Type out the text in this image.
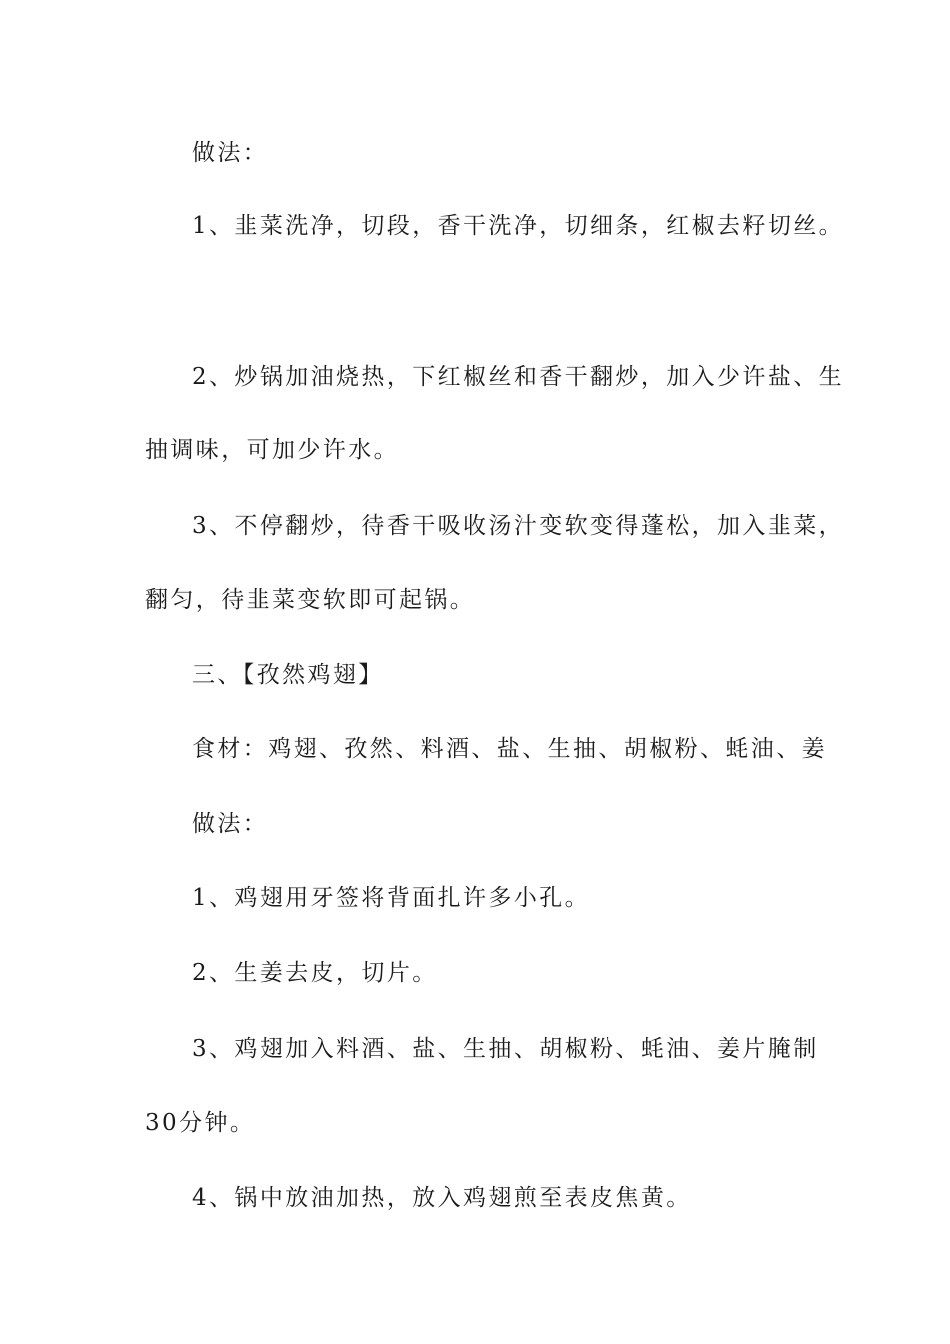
做法：
1、韭菜洗净，切段，香干洗净，切细条，红椒去籽切丝。
2、炒锅加油烧热，下红椒丝和香干翻炒，加入少许盐、生
抽调味，可加少许水。
3、不停翻炒，待香干吸收汤汁变软变得蓬松，加入韭菜，
翻匀，待韭菜变软即可起锅。
三、【孜然鸡翅】
食材：鸡翅、孜然、料酒、盐、生抽、胡椒粉、蚝油、姜
做法：
1、鸡翅用牙签将背面扎许多小孔。
2、生姜去皮，切片。
3、鸡翅加入料酒、盐、生抽、胡椒粉、蚝油、姜片腌制
30分钟。
4、锅中放油加热，放入鸡翅煎至表皮焦黄。
